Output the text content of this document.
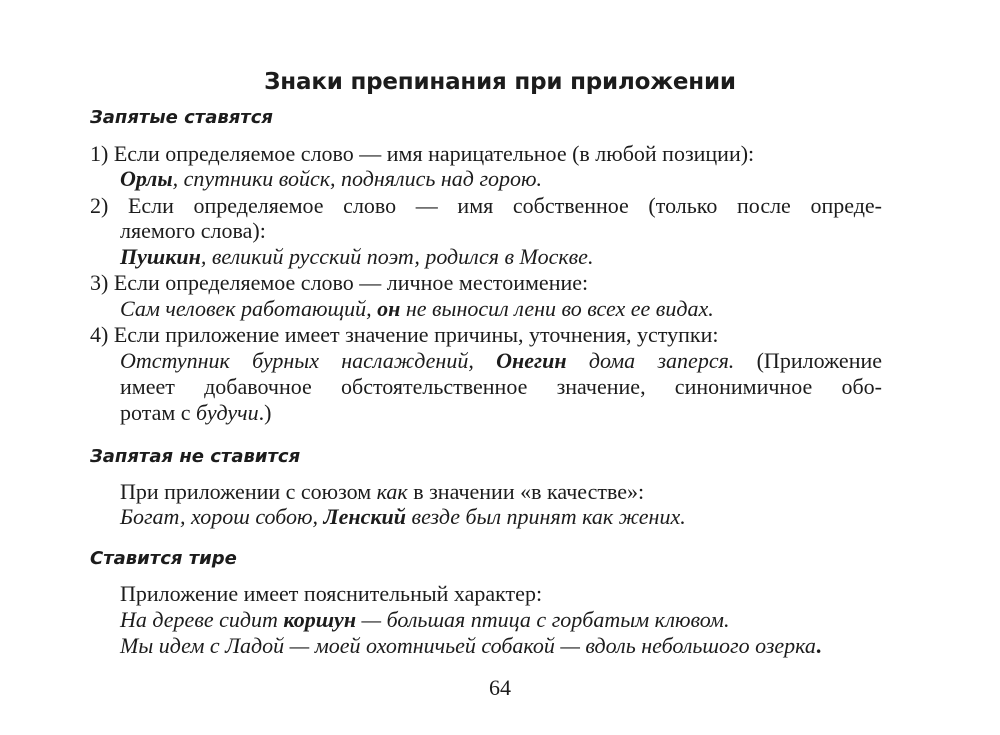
Знаки препинания при приложении
Запятые ставятся
1) Если определяемое слово — имя нарицательное (в любой позиции):
Орлы, спутники войск, поднялись над горою.
2) Если определяемое слово — имя собственное (только после опреде-
ляемого слова):
Пушкин, великий русский поэт, родился в Москве.
3) Если определяемое слово — личное местоимение:
Сам человек работающий, он не выносил лени во всех ее видах.
4) Если приложение имеет значение причины, уточнения, уступки:
Отступник бурных наслаждений, Онегин дома заперся. (Приложение
имеет добавочное обстоятельственное значение, синонимичное обо-
ротам с будучи.)
Запятая не ставится
При приложении с союзом как в значении «в качестве»:
Богат, хорош собою, Ленский везде был принят как жених.
Ставится тире
Приложение имеет пояснительный характер:
На дереве сидит коршун — большая птица с горбатым клювом.
Мы идем с Ладой — моей охотничьей собакой — вдоль небольшого озерка.
64
